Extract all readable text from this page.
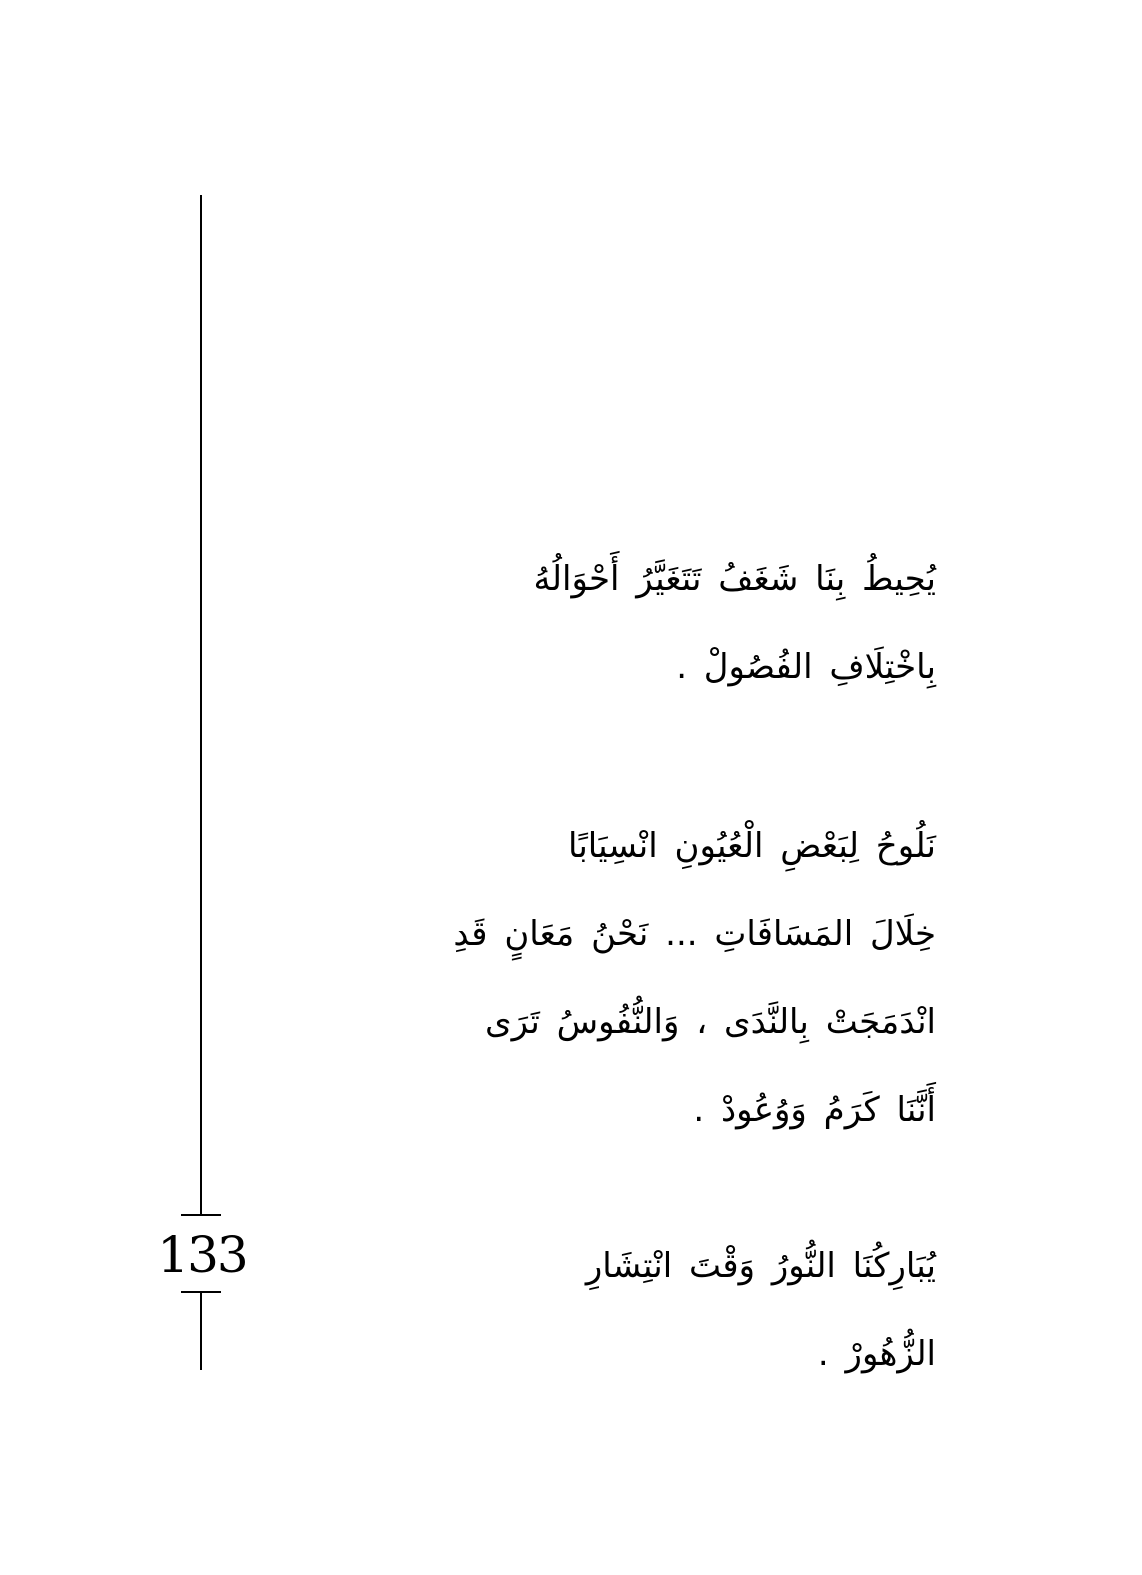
133
يُحِيطُ بِنَا شَغَفُ تَتَغَيَّرُ أَحْوَالُهُ
بِاخْتِلَافِ الفُصُولْ .
نَلُوحُ لِبَعْضِ الْعُيُونِ انْسِيَابًا
خِلَالَ المَسَافَاتِ ... نَحْنُ مَعَانٍ قَدِ
انْدَمَجَتْ بِالنَّدَى ، وَالنُّفُوسُ تَرَى
أَنَّنَا كَرَمُ وَوُعُودْ .
يُبَارِكُنَا النُّورُ وَقْتَ انْتِشَارِ
الزُّهُورْ .
